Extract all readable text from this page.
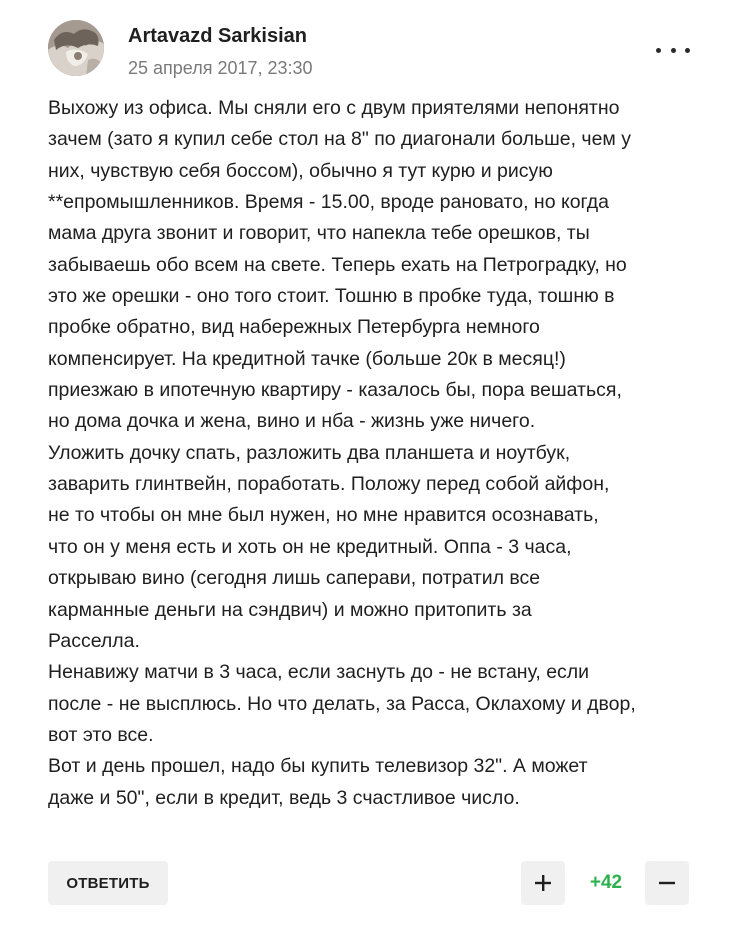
Artavazd Sarkisian
25 апреля 2017, 23:30
Выхожу из офиса. Мы сняли его с двум приятелями непонятно
зачем (зато я купил себе стол на 8" по диагонали больше, чем у
них, чувствую себя боссом), обычно я тут курю и рисую
**епромышленников. Время - 15.00, вроде рановато, но когда
мама друга звонит и говорит, что напекла тебе орешков, ты
забываешь обо всем на свете. Теперь ехать на Петроградку, но
это же орешки - оно того стоит. Тошню в пробке туда, тошню в
пробке обратно, вид набережных Петербурга немного
компенсирует. На кредитной тачке (больше 20к в месяц!)
приезжаю в ипотечную квартиру - казалось бы, пора вешаться,
но дома дочка и жена, вино и нба - жизнь уже ничего.
Уложить дочку спать, разложить два планшета и ноутбук,
заварить глинтвейн, поработать. Положу перед собой айфон,
не то чтобы он мне был нужен, но мне нравится осознавать,
что он у меня есть и хоть он не кредитный. Оппа - 3 часа,
открываю вино (сегодня лишь саперави, потратил все
карманные деньги на сэндвич) и можно притопить за
Расселла.
Ненавижу матчи в 3 часа, если заснуть до - не встану, если
после - не высплюсь. Но что делать, за Расса, Оклахому и двор,
вот это все.
Вот и день прошел, надо бы купить телевизор 32". А может
даже и 50", если в кредит, ведь 3 счастливое число.
ОТВЕТИТЬ	+42
